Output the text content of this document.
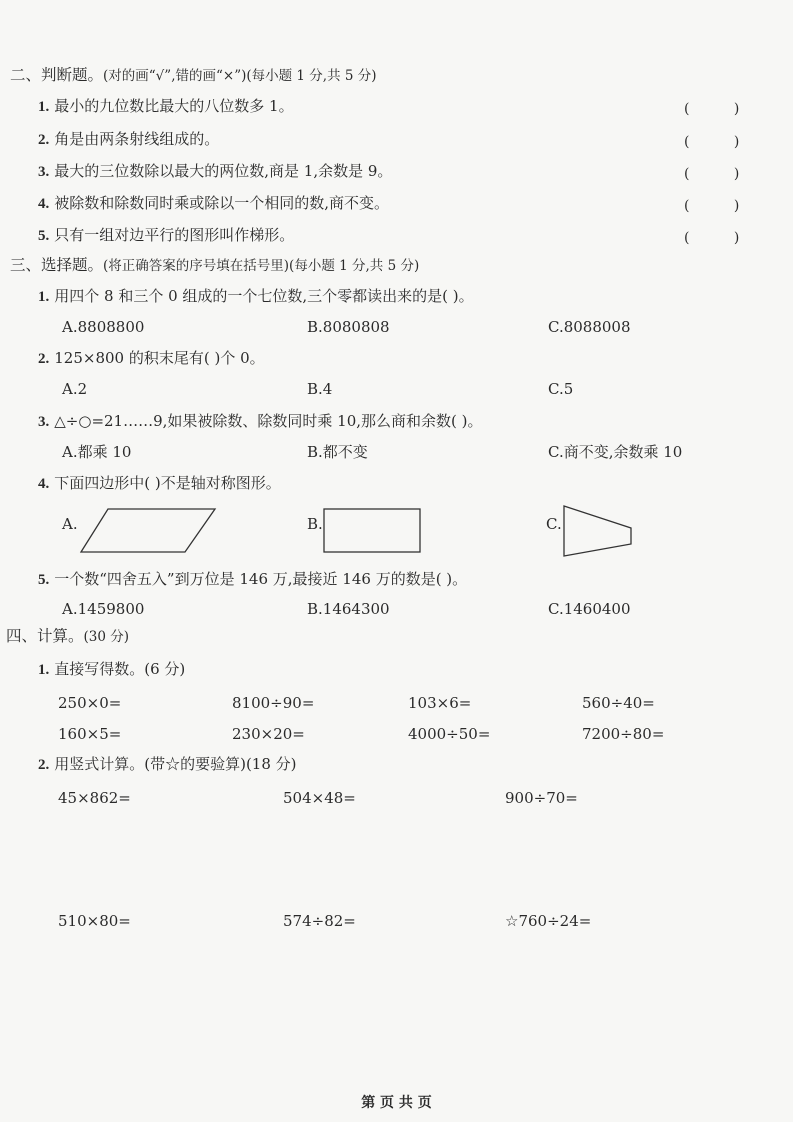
二、判断题。(对的画“√”,错的画“×”)(每小题 1 分,共 5 分)
1. 最小的九位数比最大的八位数多 1。	( )
2. 角是由两条射线组成的。	( )
3. 最大的三位数除以最大的两位数,商是 1,余数是 9。	( )
4. 被除数和除数同时乘或除以一个相同的数,商不变。	( )
5. 只有一组对边平行的图形叫作梯形。	( )
三、选择题。(将正确答案的序号填在括号里)(每小题 1 分,共 5 分)
1. 用四个 8 和三个 0 组成的一个七位数,三个零都读出来的是( )。
A.8808800	B.8080808	C.8088008
2. 125×800 的积末尾有( )个 0。
A.2	B.4	C.5
3. △÷○=21……9,如果被除数、除数同时乘 10,那么商和余数( )。
A.都乘 10	B.都不变	C.商不变,余数乘 10
4. 下面四边形中( )不是轴对称图形。
A.	B.	C.
5. 一个数“四舍五入”到万位是 146 万,最接近 146 万的数是( )。
A.1459800	B.1464300	C.1460400
四、计算。(30 分)
1. 直接写得数。(6 分)
250×0=	8100÷90=	103×6=	560÷40=
160×5=	230×20=	4000÷50=	7200÷80=
2. 用竖式计算。(带☆的要验算)(18 分)
45×862=	504×48=	900÷70=
510×80=	574÷82=	☆760÷24=
第 页 共 页
